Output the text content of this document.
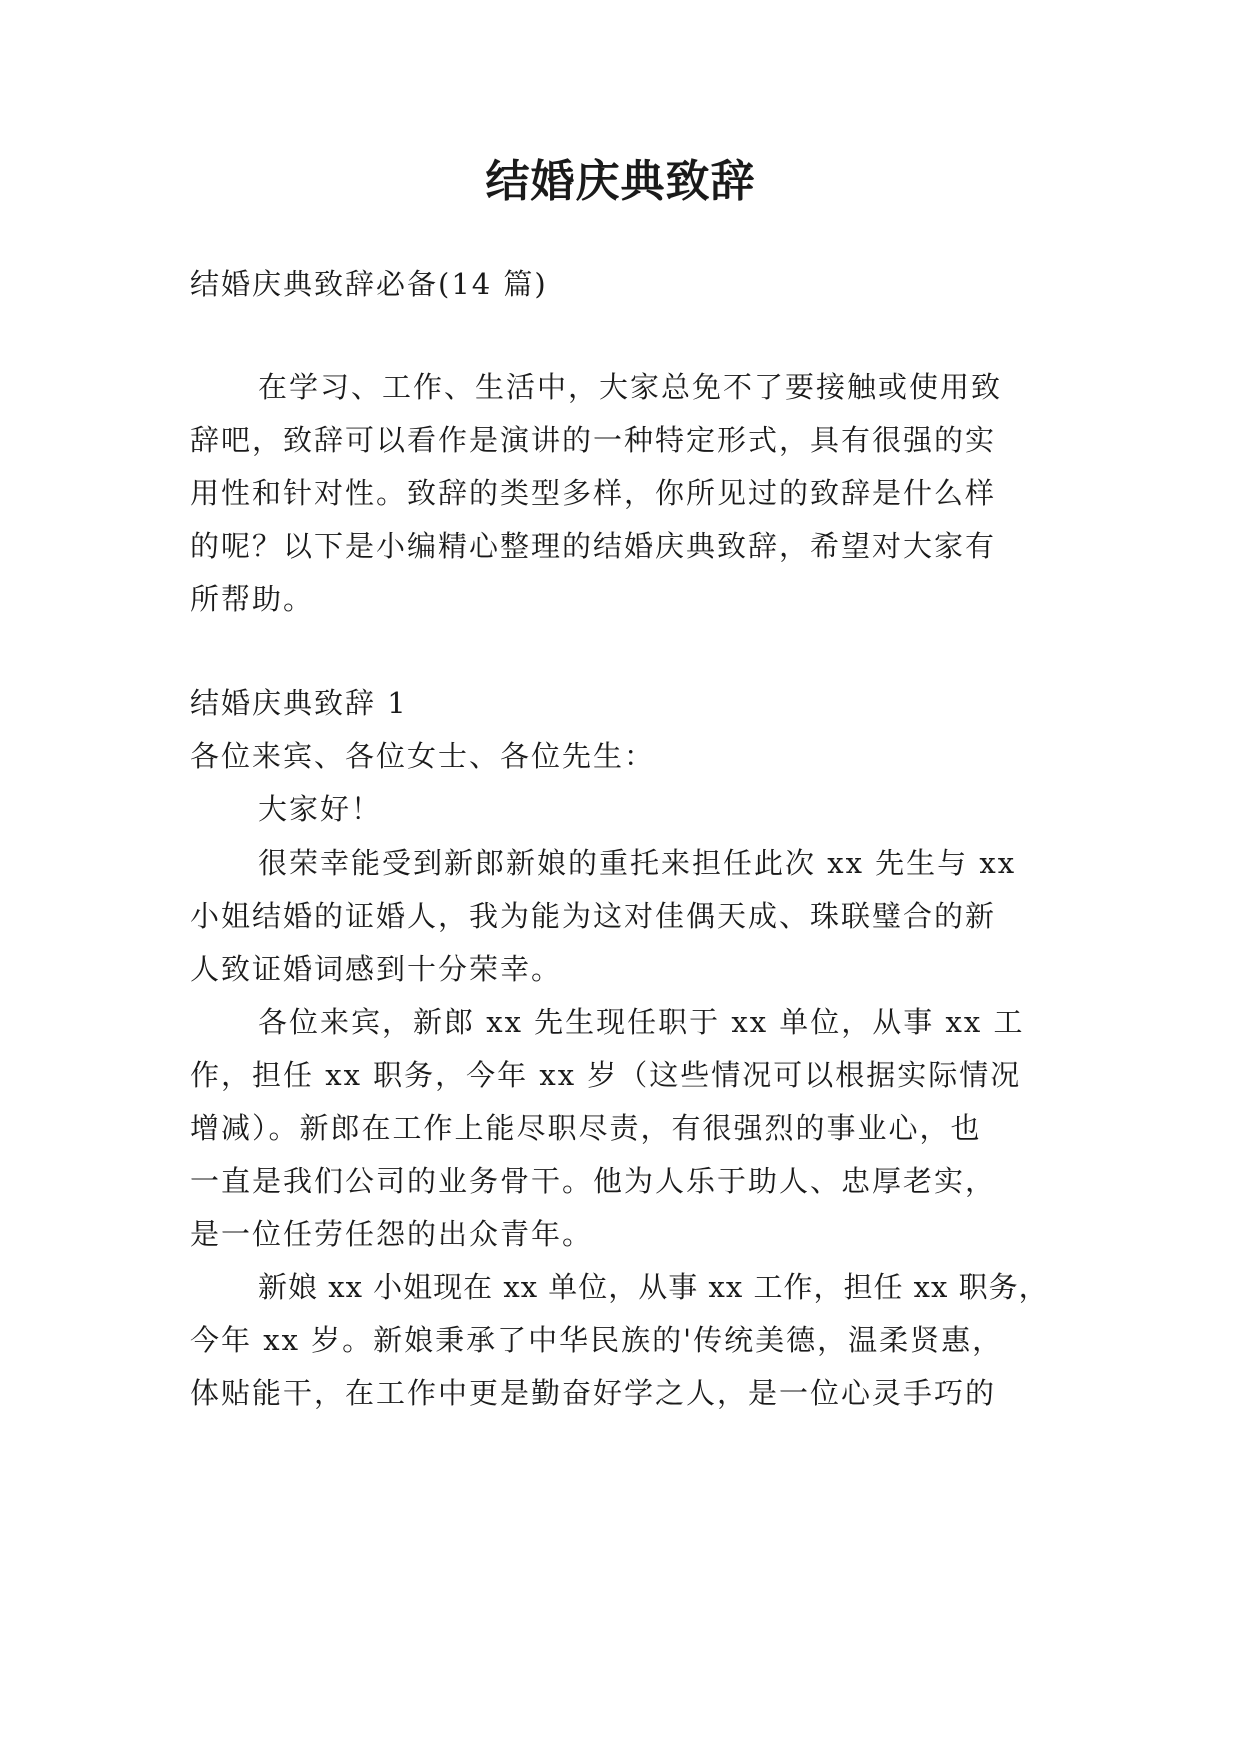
结婚庆典致辞

结婚庆典致辞必备(14 篇)

在学习、工作、生活中，大家总免不了要接触或使用致

辞吧，致辞可以看作是演讲的一种特定形式，具有很强的实

用性和针对性。致辞的类型多样，你所见过的致辞是什么样

的呢？以下是小编精心整理的结婚庆典致辞，希望对大家有

所帮助。

结婚庆典致辞 1

各位来宾、各位女士、各位先生：

大家好！

很荣幸能受到新郎新娘的重托来担任此次 xx 先生与 xx

小姐结婚的证婚人，我为能为这对佳偶天成、珠联璧合的新

人致证婚词感到十分荣幸。

各位来宾，新郎 xx 先生现任职于 xx 单位，从事 xx 工

作，担任 xx 职务，今年 xx 岁（这些情况可以根据实际情况

增减）。新郎在工作上能尽职尽责，有很强烈的事业心，也

一直是我们公司的业务骨干。他为人乐于助人、忠厚老实，

是一位任劳任怨的出众青年。

新娘 xx 小姐现在 xx 单位，从事 xx 工作，担任 xx 职务，

今年 xx 岁。新娘秉承了中华民族的'传统美德，温柔贤惠，

体贴能干，在工作中更是勤奋好学之人，是一位心灵手巧的
